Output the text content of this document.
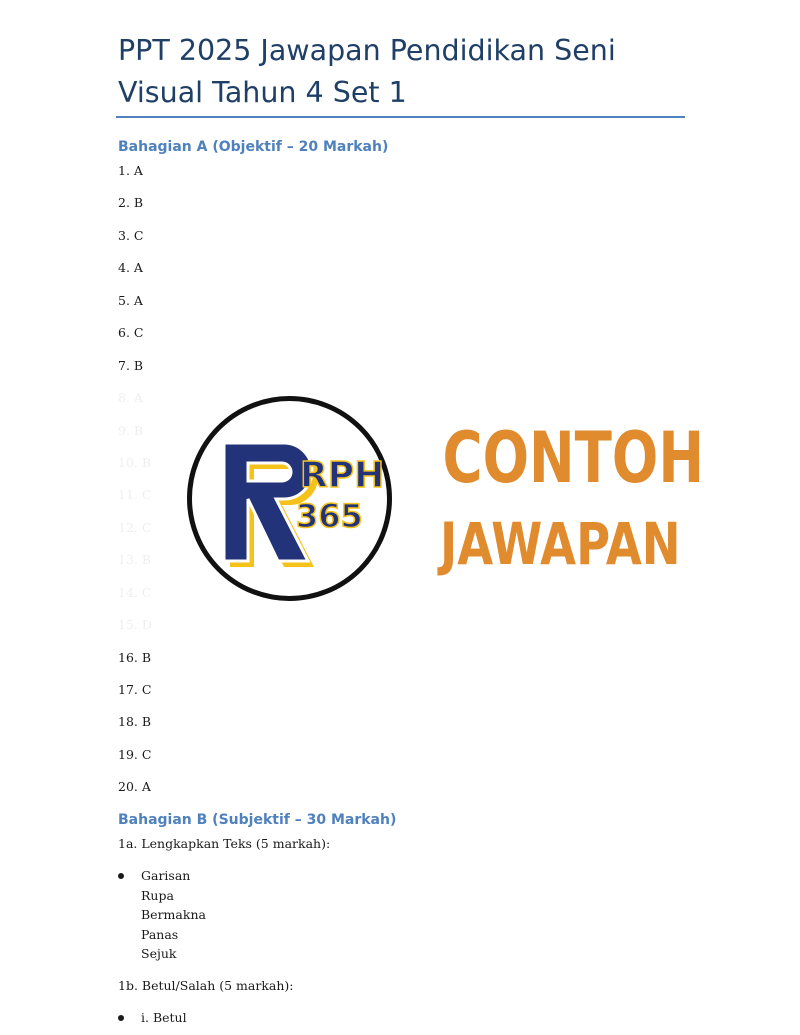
PPT 2025 Jawapan Pendidikan Seni Visual Tahun 4 Set 1
Bahagian A (Objektif – 20 Markah)
1. A
2. B
3. C
4. A
5. A
6. C
7. B
16. B
17. C
18. B
19. C
20. A
Bahagian B (Subjektif – 30 Markah)

1a. Lengkapkan Teks (5 markah):

Garisan
Rupa
Bermakna
Panas
Sejuk

1b. Betul/Salah (5 markah):

i. Betul
RPH
365
CONTOH
JAWAPAN
